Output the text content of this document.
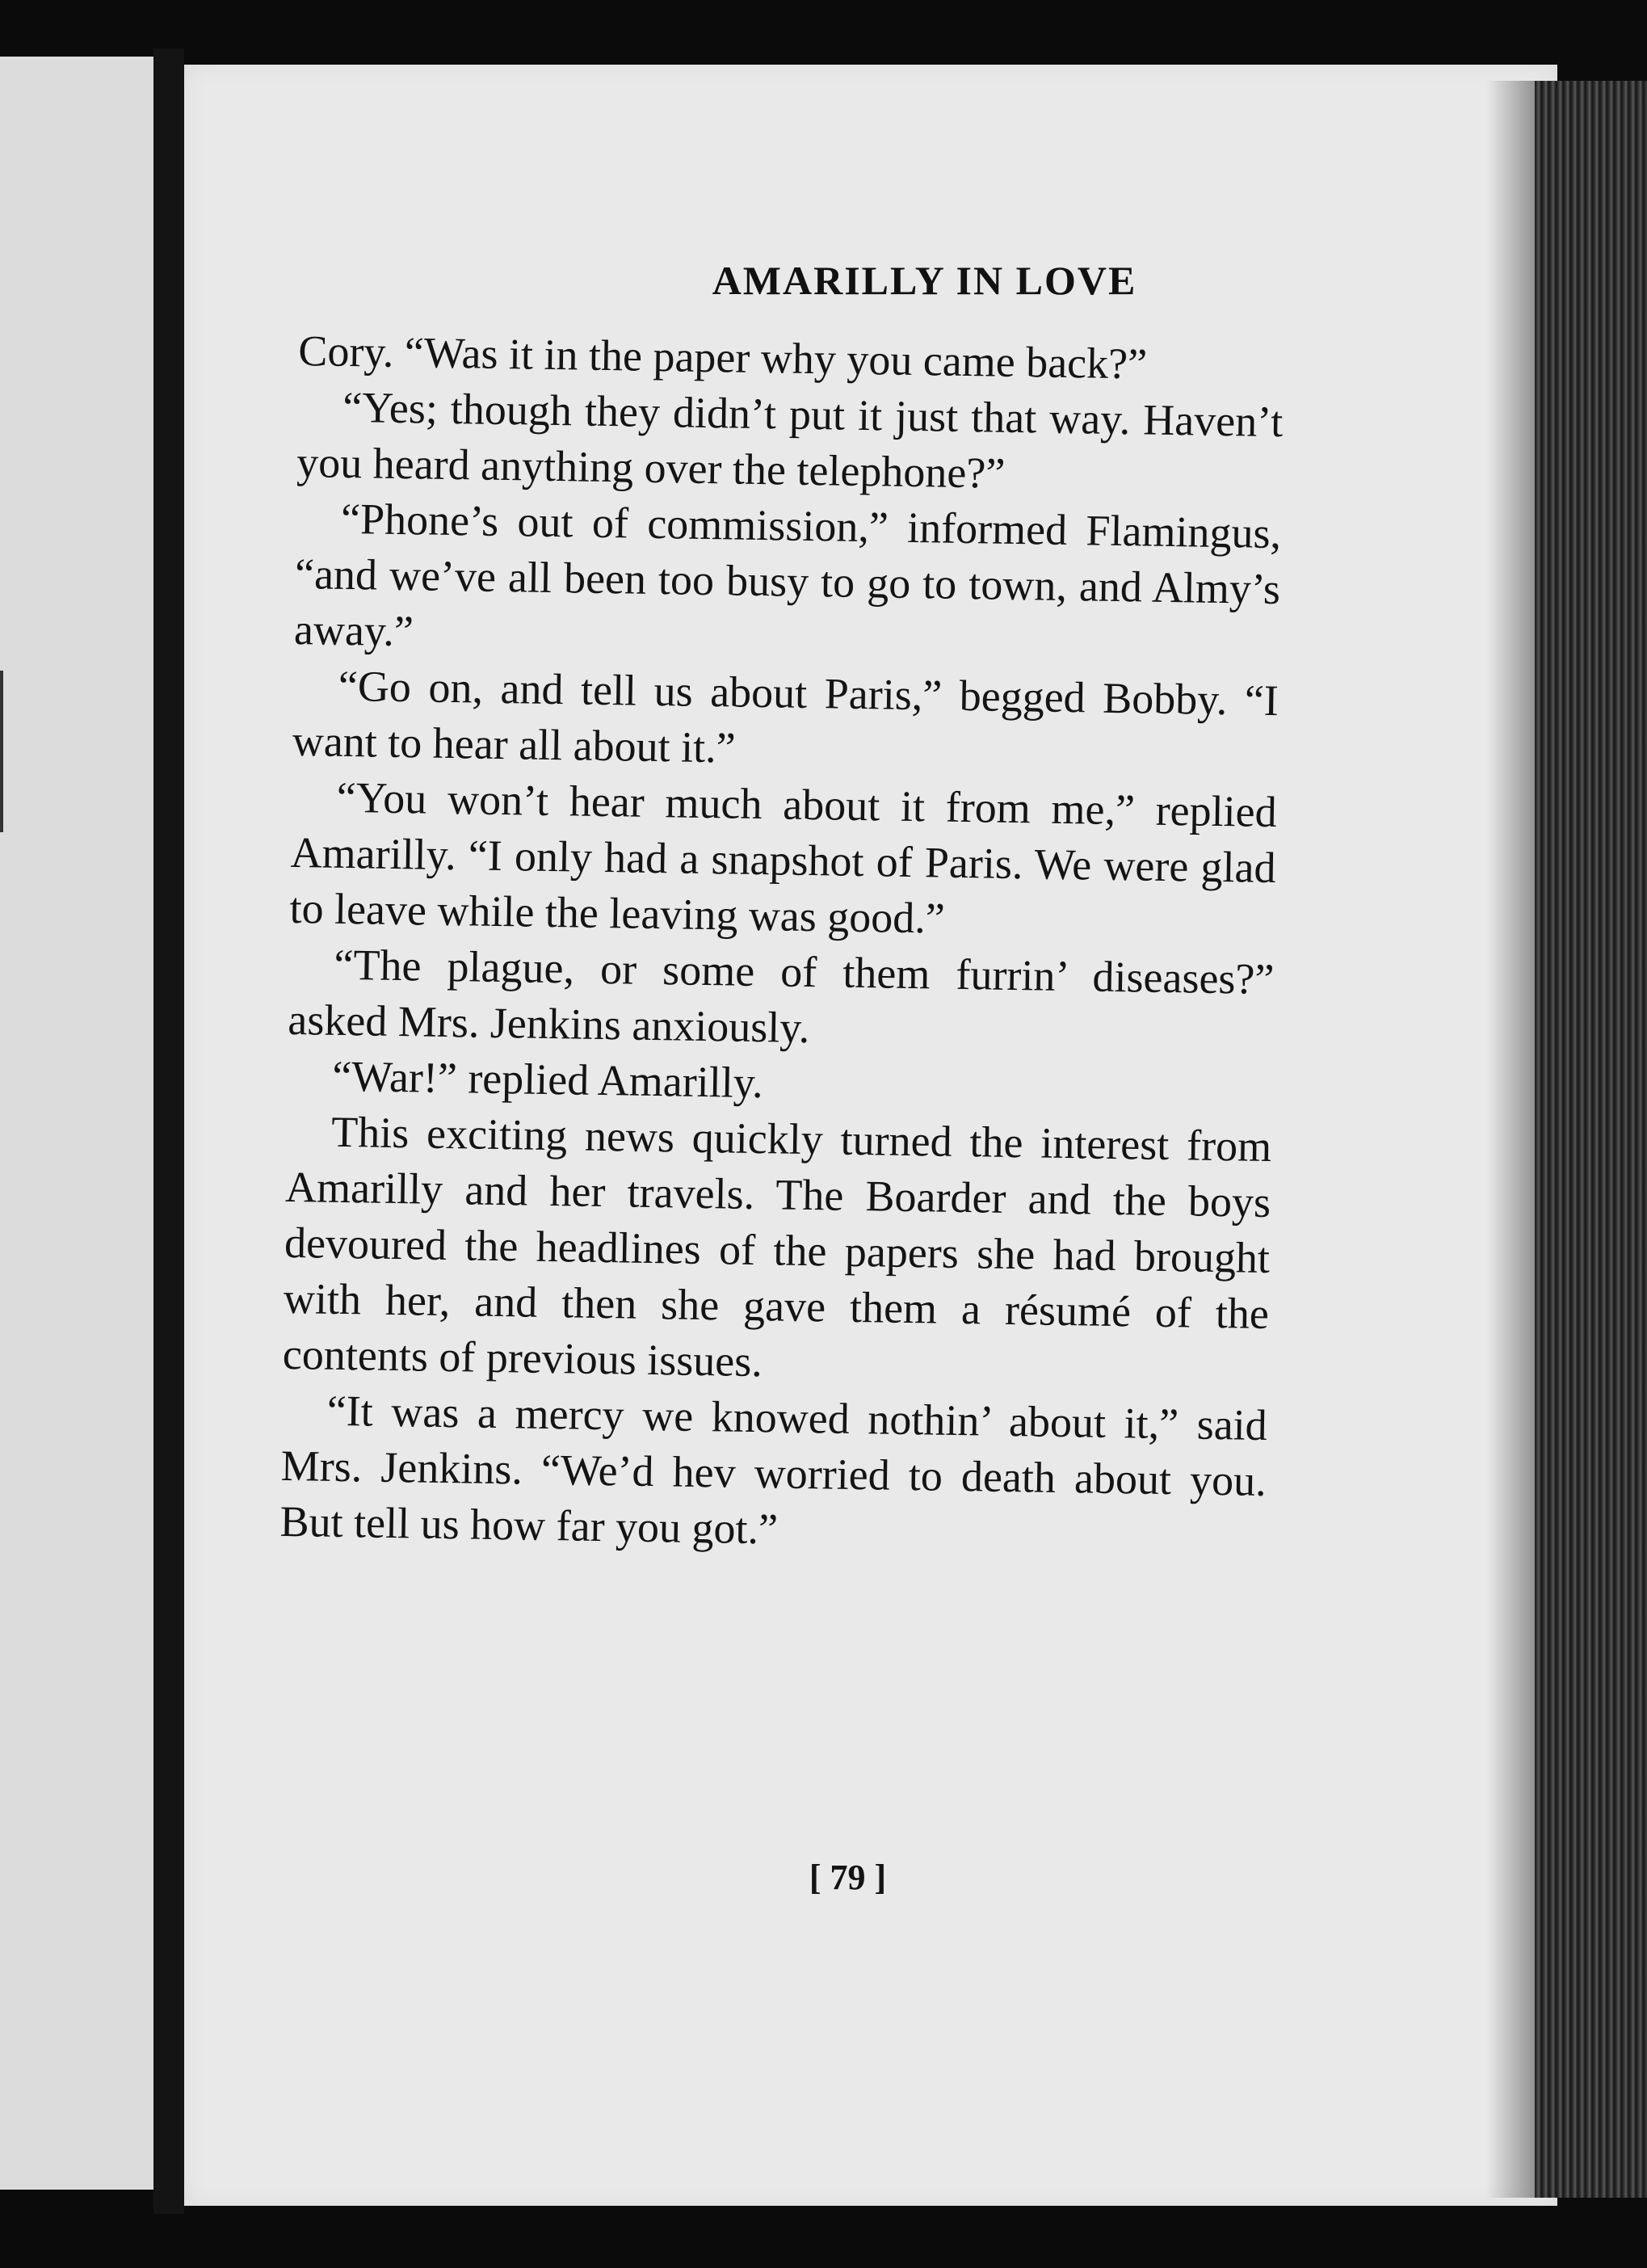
AMARILLY IN LOVE

Cory. “Was it in the paper why you came back?”

“Yes; though they didn’t put it just that way. Haven’t you heard anything over the telephone?”

“Phone’s out of commission,” informed Flamingus, “and we’ve all been too busy to go to town, and Almy’s away.”

“Go on, and tell us about Paris,” begged Bobby. “I want to hear all about it.”

“You won’t hear much about it from me,” replied Amarilly. “I only had a snapshot of Paris. We were glad to leave while the leaving was good.”

“The plague, or some of them furrin’ diseases?” asked Mrs. Jenkins anxiously.

“War!” replied Amarilly.

This exciting news quickly turned the interest from Amarilly and her travels. The Boarder and the boys devoured the headlines of the papers she had brought with her, and then she gave them a résumé of the contents of previous issues.

“It was a mercy we knowed nothin’ about it,” said Mrs. Jenkins. “We’d hev worried to death about you. But tell us how far you got.”

[ 79 ]
